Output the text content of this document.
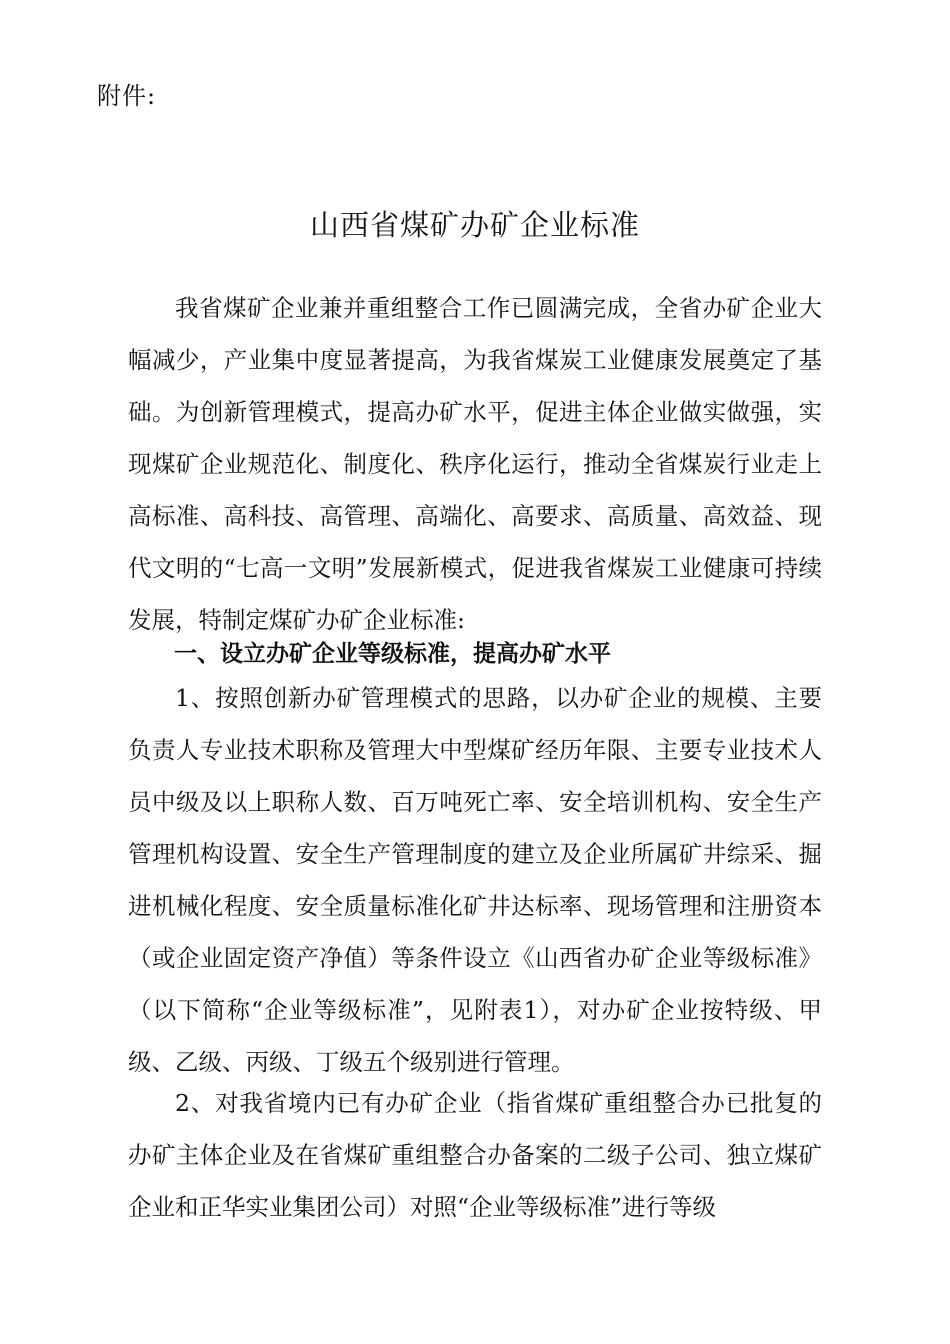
附件:
山西省煤矿办矿企业标准

我省煤矿企业兼并重组整合工作已圆满完成，全省办矿企业大幅减少，产业集中度显著提高，为我省煤炭工业健康发展奠定了基础。为创新管理模式，提高办矿水平，促进主体企业做实做强，实现煤矿企业规范化、制度化、秩序化运行，推动全省煤炭行业走上高标准、高科技、高管理、高端化、高要求、高质量、高效益、现代文明的“七高一文明”发展新模式，促进我省煤炭工业健康可持续发展，特制定煤矿办矿企业标准:

一、设立办矿企业等级标准，提高办矿水平

1、按照创新办矿管理模式的思路，以办矿企业的规模、主要负责人专业技术职称及管理大中型煤矿经历年限、主要专业技术人员中级及以上职称人数、百万吨死亡率、安全培训机构、安全生产管理机构设置、安全生产管理制度的建立及企业所属矿井综采、掘进机械化程度、安全质量标准化矿井达标率、现场管理和注册资本（或企业固定资产净值）等条件设立《山西省办矿企业等级标准》（以下简称“企业等级标准”，见附表1），对办矿企业按特级、甲级、乙级、丙级、丁级五个级别进行管理。

2、对我省境内已有办矿企业（指省煤矿重组整合办已批复的办矿主体企业及在省煤矿重组整合办备案的二级子公司、独立煤矿企业和正华实业集团公司）对照“企业等级标准”进行等级
